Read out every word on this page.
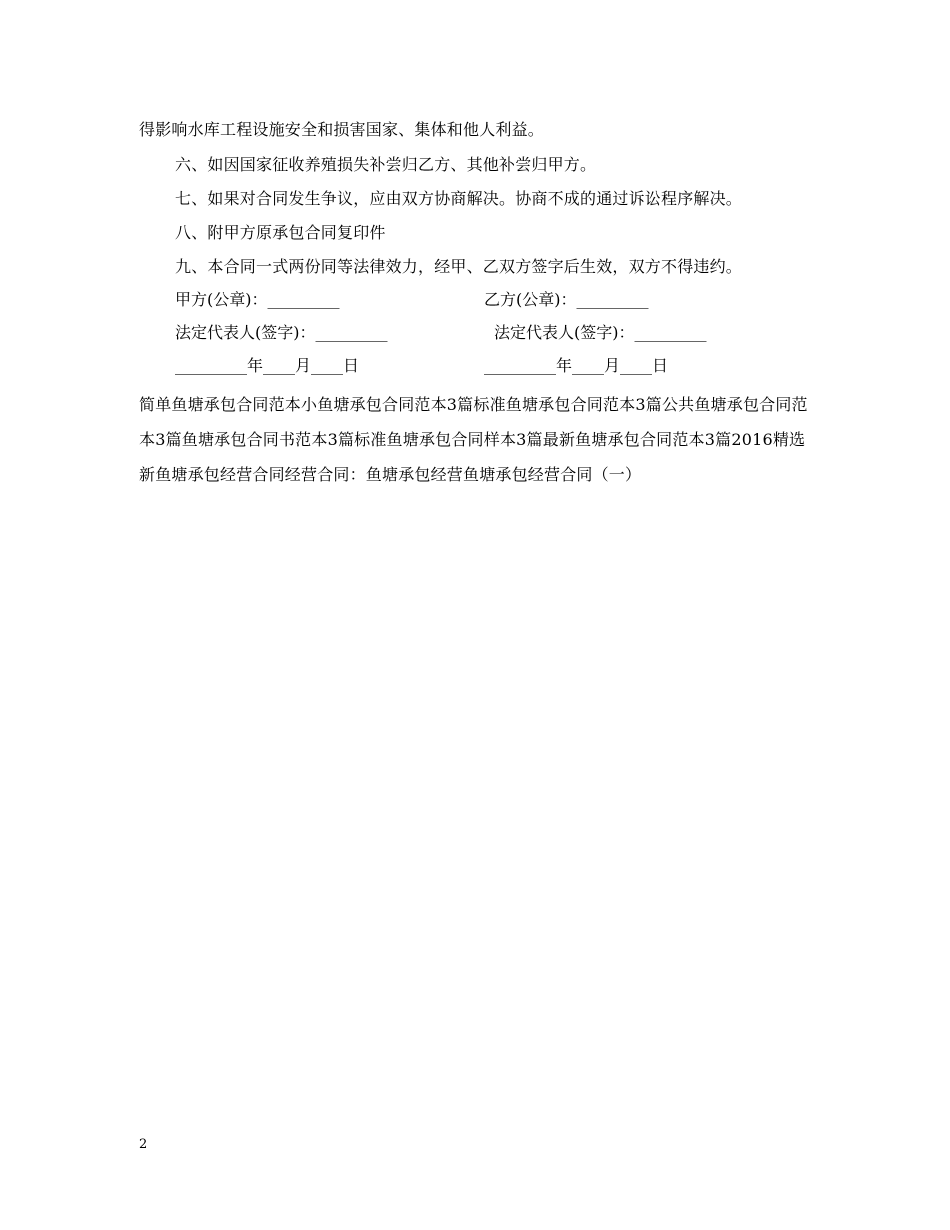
得影响水库工程设施安全和损害国家、集体和他人利益。
六、如因国家征收养殖损失补尝归乙方、其他补尝归甲方。
七、如果对合同发生争议，应由双方协商解决。协商不成的通过诉讼程序解决。
八、附甲方原承包合同复印件
九、本合同一式两份同等法律效力，经甲、乙双方签字后生效，双方不得违约。
甲方(公章)：_________	乙方(公章)：_________
法定代表人(签字)：_________	法定代表人(签字)：_________
_________年____月____日	_________年____月____日
简单鱼塘承包合同范本小鱼塘承包合同范本3篇标准鱼塘承包合同范本3篇公共鱼塘承包合同范本3篇鱼塘承包合同书范本3篇标准鱼塘承包合同样本3篇最新鱼塘承包合同范本3篇2016精选新鱼塘承包经营合同经营合同：鱼塘承包经营鱼塘承包经营合同（一）
2
